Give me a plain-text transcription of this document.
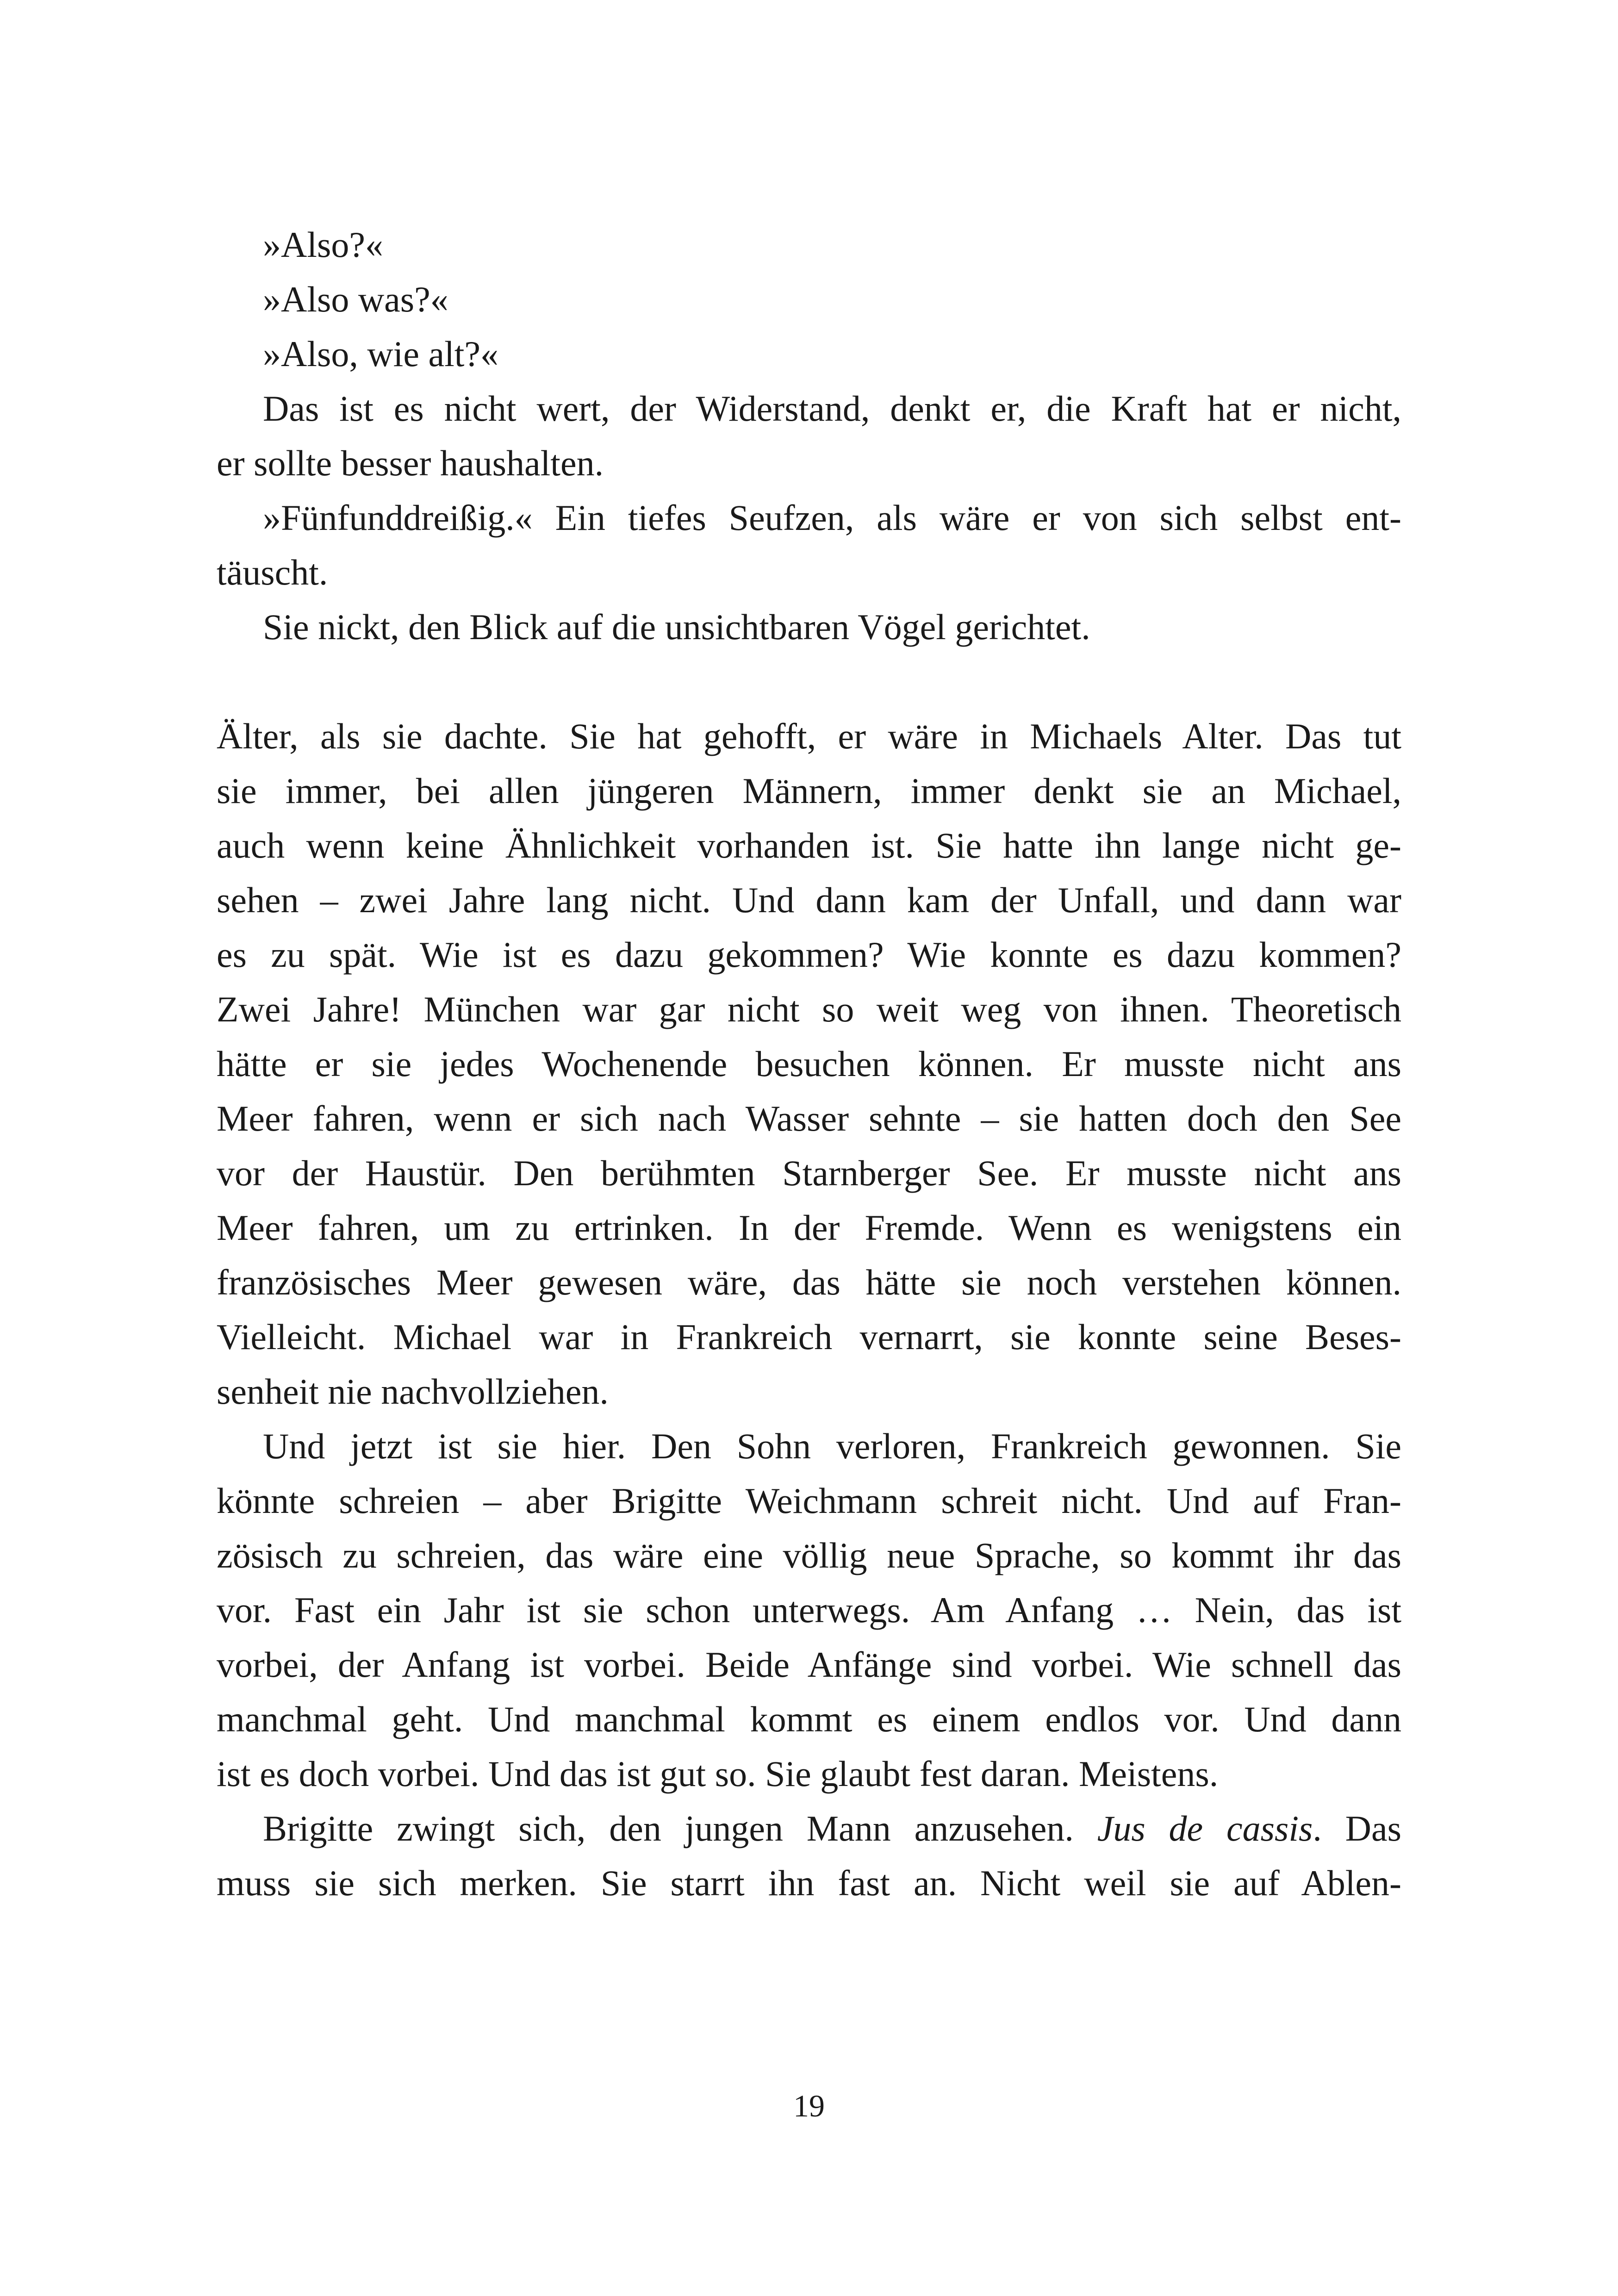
»Also?«
»Also was?«
»Also, wie alt?«
Das ist es nicht wert, der Widerstand, denkt er, die Kraft hat er nicht,
er sollte besser haushalten.
»Fünfunddreißig.« Ein tiefes Seufzen, als wäre er von sich selbst ent-
täuscht.
Sie nickt, den Blick auf die unsichtbaren Vögel gerichtet.
Älter, als sie dachte. Sie hat gehofft, er wäre in Michaels Alter. Das tut
sie immer, bei allen jüngeren Männern, immer denkt sie an Michael,
auch wenn keine Ähnlichkeit vorhanden ist. Sie hatte ihn lange nicht ge-
sehen – zwei Jahre lang nicht. Und dann kam der Unfall, und dann war
es zu spät. Wie ist es dazu gekommen? Wie konnte es dazu kommen?
Zwei Jahre! München war gar nicht so weit weg von ihnen. Theoretisch
hätte er sie jedes Wochenende besuchen können. Er musste nicht ans
Meer fahren, wenn er sich nach Wasser sehnte – sie hatten doch den See
vor der Haustür. Den berühmten Starnberger See. Er musste nicht ans
Meer fahren, um zu ertrinken. In der Fremde. Wenn es wenigstens ein
französisches Meer gewesen wäre, das hätte sie noch verstehen können.
Vielleicht. Michael war in Frankreich vernarrt, sie konnte seine Beses-
senheit nie nachvollziehen.
Und jetzt ist sie hier. Den Sohn verloren, Frankreich gewonnen. Sie
könnte schreien – aber Brigitte Weichmann schreit nicht. Und auf Fran-
zösisch zu schreien, das wäre eine völlig neue Sprache, so kommt ihr das
vor. Fast ein Jahr ist sie schon unterwegs. Am Anfang … Nein, das ist
vorbei, der Anfang ist vorbei. Beide Anfänge sind vorbei. Wie schnell das
manchmal geht. Und manchmal kommt es einem endlos vor. Und dann
ist es doch vorbei. Und das ist gut so. Sie glaubt fest daran. Meistens.
Brigitte zwingt sich, den jungen Mann anzusehen. Jus de cassis. Das
muss sie sich merken. Sie starrt ihn fast an. Nicht weil sie auf Ablen-
19
